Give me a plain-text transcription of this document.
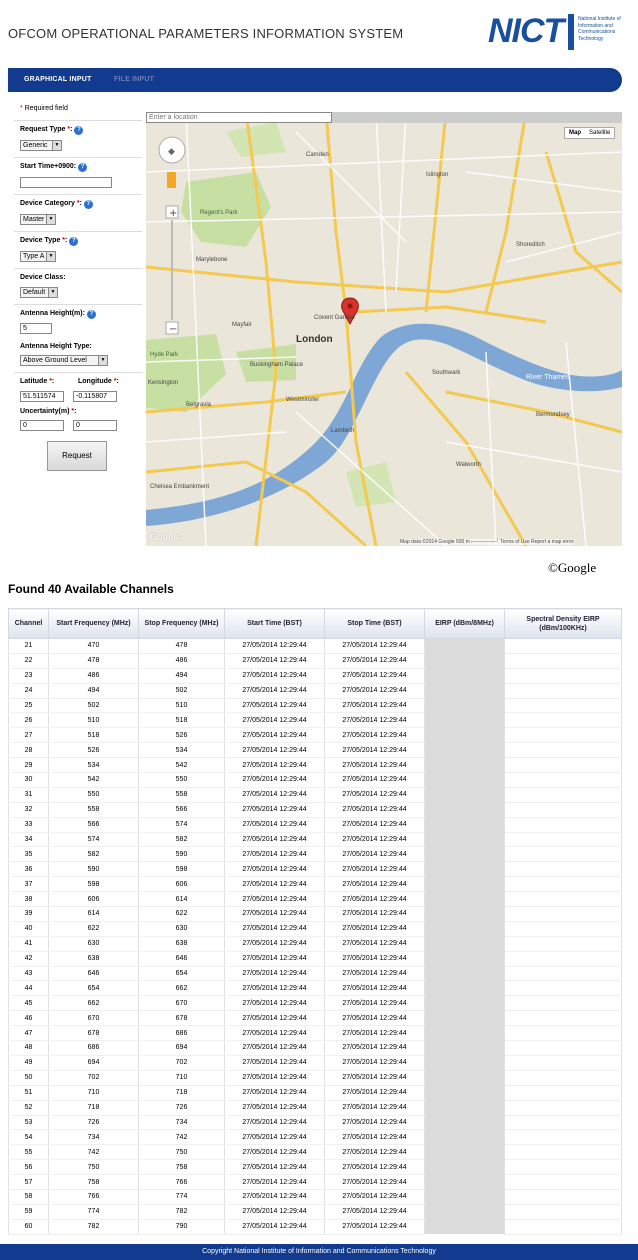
OFCOM OPERATIONAL PARAMETERS INFORMATION SYSTEM NICT	National Institute of
Information and
Communications
Technology
GRAPHICAL INPUT	FILE INPUT
* Required field
Request Type *: ?
Generic	▼
Start Time+0900: ?
Device Category *: ?
Master ▼
Device Type *: ?
Type A ▼
Device Class:
Default	▼
Antenna Height(m): ?
5
Antenna Height Type:
Above Ground Level	▼
Latitude *:	Longitude *:
51.511574	-0.115807
Uncertainty(m) *:
0	0
Request
Enter a location
◆
+
−
London
Regent's Park
Marylebone
Hyde Park
Mayfair
Covent Garden
Buckingham Palace
Westminster
Southwark
River Thames
Kensington
Belgravia
Lambeth
Chelsea Embankment
Walworth
Bermondsey
Camden
Islington
Shoreditch
Map	Satellite
Google	Map data ©2014 Google 500 m ⌐──────┘ Terms of Use Report a map error
©Google
Found 40 Available Channels
Channel	Start Frequency (MHz)	Stop Frequency (MHz)	Start Time (BST)	Stop Time (BST)	EIRP (dBm/8MHz)	Spectral Density EIRP (dBm/100KHz)
21	470	478	27/05/2014 12:29:44	27/05/2014 12:29:44		
22	478	486	27/05/2014 12:29:44	27/05/2014 12:29:44		
23	486	494	27/05/2014 12:29:44	27/05/2014 12:29:44		
24	494	502	27/05/2014 12:29:44	27/05/2014 12:29:44		
25	502	510	27/05/2014 12:29:44	27/05/2014 12:29:44		
26	510	518	27/05/2014 12:29:44	27/05/2014 12:29:44		
27	518	526	27/05/2014 12:29:44	27/05/2014 12:29:44		
28	526	534	27/05/2014 12:29:44	27/05/2014 12:29:44		
29	534	542	27/05/2014 12:29:44	27/05/2014 12:29:44		
30	542	550	27/05/2014 12:29:44	27/05/2014 12:29:44		
31	550	558	27/05/2014 12:29:44	27/05/2014 12:29:44		
32	558	566	27/05/2014 12:29:44	27/05/2014 12:29:44		
33	566	574	27/05/2014 12:29:44	27/05/2014 12:29:44		
34	574	582	27/05/2014 12:29:44	27/05/2014 12:29:44		
35	582	590	27/05/2014 12:29:44	27/05/2014 12:29:44		
36	590	598	27/05/2014 12:29:44	27/05/2014 12:29:44		
37	598	606	27/05/2014 12:29:44	27/05/2014 12:29:44		
38	606	614	27/05/2014 12:29:44	27/05/2014 12:29:44		
39	614	622	27/05/2014 12:29:44	27/05/2014 12:29:44		
40	622	630	27/05/2014 12:29:44	27/05/2014 12:29:44		
41	630	638	27/05/2014 12:29:44	27/05/2014 12:29:44		
42	638	646	27/05/2014 12:29:44	27/05/2014 12:29:44		
43	646	654	27/05/2014 12:29:44	27/05/2014 12:29:44		
44	654	662	27/05/2014 12:29:44	27/05/2014 12:29:44		
45	662	670	27/05/2014 12:29:44	27/05/2014 12:29:44		
46	670	678	27/05/2014 12:29:44	27/05/2014 12:29:44		
47	678	686	27/05/2014 12:29:44	27/05/2014 12:29:44		
48	686	694	27/05/2014 12:29:44	27/05/2014 12:29:44		
49	694	702	27/05/2014 12:29:44	27/05/2014 12:29:44		
50	702	710	27/05/2014 12:29:44	27/05/2014 12:29:44		
51	710	718	27/05/2014 12:29:44	27/05/2014 12:29:44		
52	718	726	27/05/2014 12:29:44	27/05/2014 12:29:44		
53	726	734	27/05/2014 12:29:44	27/05/2014 12:29:44		
54	734	742	27/05/2014 12:29:44	27/05/2014 12:29:44		
55	742	750	27/05/2014 12:29:44	27/05/2014 12:29:44		
56	750	758	27/05/2014 12:29:44	27/05/2014 12:29:44		
57	758	766	27/05/2014 12:29:44	27/05/2014 12:29:44		
58	766	774	27/05/2014 12:29:44	27/05/2014 12:29:44		
59	774	782	27/05/2014 12:29:44	27/05/2014 12:29:44		
60	782	790	27/05/2014 12:29:44	27/05/2014 12:29:44		
Copyright National Institute of Information and Communications Technology
